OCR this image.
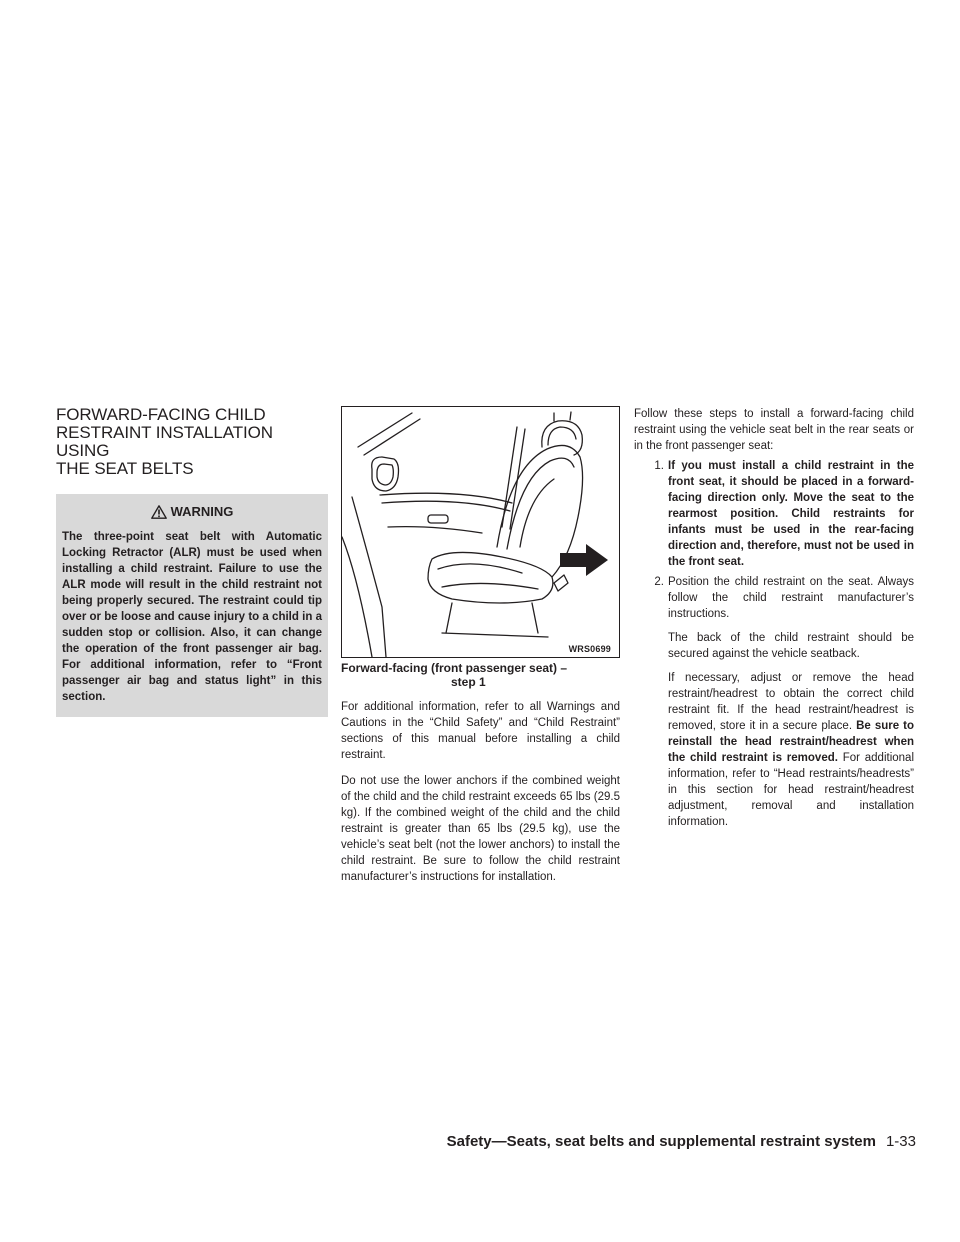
FORWARD-FACING CHILD
RESTRAINT INSTALLATION USING
THE SEAT BELTS
WARNING

The three-point seat belt with Automatic Locking Retractor (ALR) must be used when installing a child restraint. Failure to use the ALR mode will result in the child restraint not being properly secured. The restraint could tip over or be loose and cause injury to a child in a sudden stop or collision. Also, it can change the operation of the front passenger air bag. For additional information, refer to “Front passenger air bag and status light” in this section.

WRS0699

Forward-facing (front passenger seat) –
step 1

For additional information, refer to all Warnings and Cautions in the “Child Safety” and “Child Restraint” sections of this manual before installing a child restraint.

Do not use the lower anchors if the combined weight of the child and the child restraint exceeds 65 lbs (29.5 kg). If the combined weight of the child and the child restraint is greater than 65 lbs (29.5 kg), use the vehicle’s seat belt (not the lower anchors) to install the child restraint. Be sure to follow the child restraint manufacturer’s instructions for installation.

Follow these steps to install a forward-facing child restraint using the vehicle seat belt in the rear seats or in the front passenger seat:

1. If you must install a child restraint in the front seat, it should be placed in a forward-facing direction only. Move the seat to the rearmost position. Child restraints for infants must be used in the rear-facing direction and, therefore, must not be used in the front seat.
2. Position the child restraint on the seat. Always follow the child restraint manufacturer’s instructions.

The back of the child restraint should be secured against the vehicle seatback.

If necessary, adjust or remove the head restraint/headrest to obtain the correct child restraint fit. If the head restraint/headrest is removed, store it in a secure place. Be sure to reinstall the head restraint/headrest when the child restraint is removed. For additional information, refer to “Head restraints/headrests” in this section for head restraint/headrest adjustment, removal and installation information.

Safety—Seats, seat belts and supplemental restraint system 1-33
